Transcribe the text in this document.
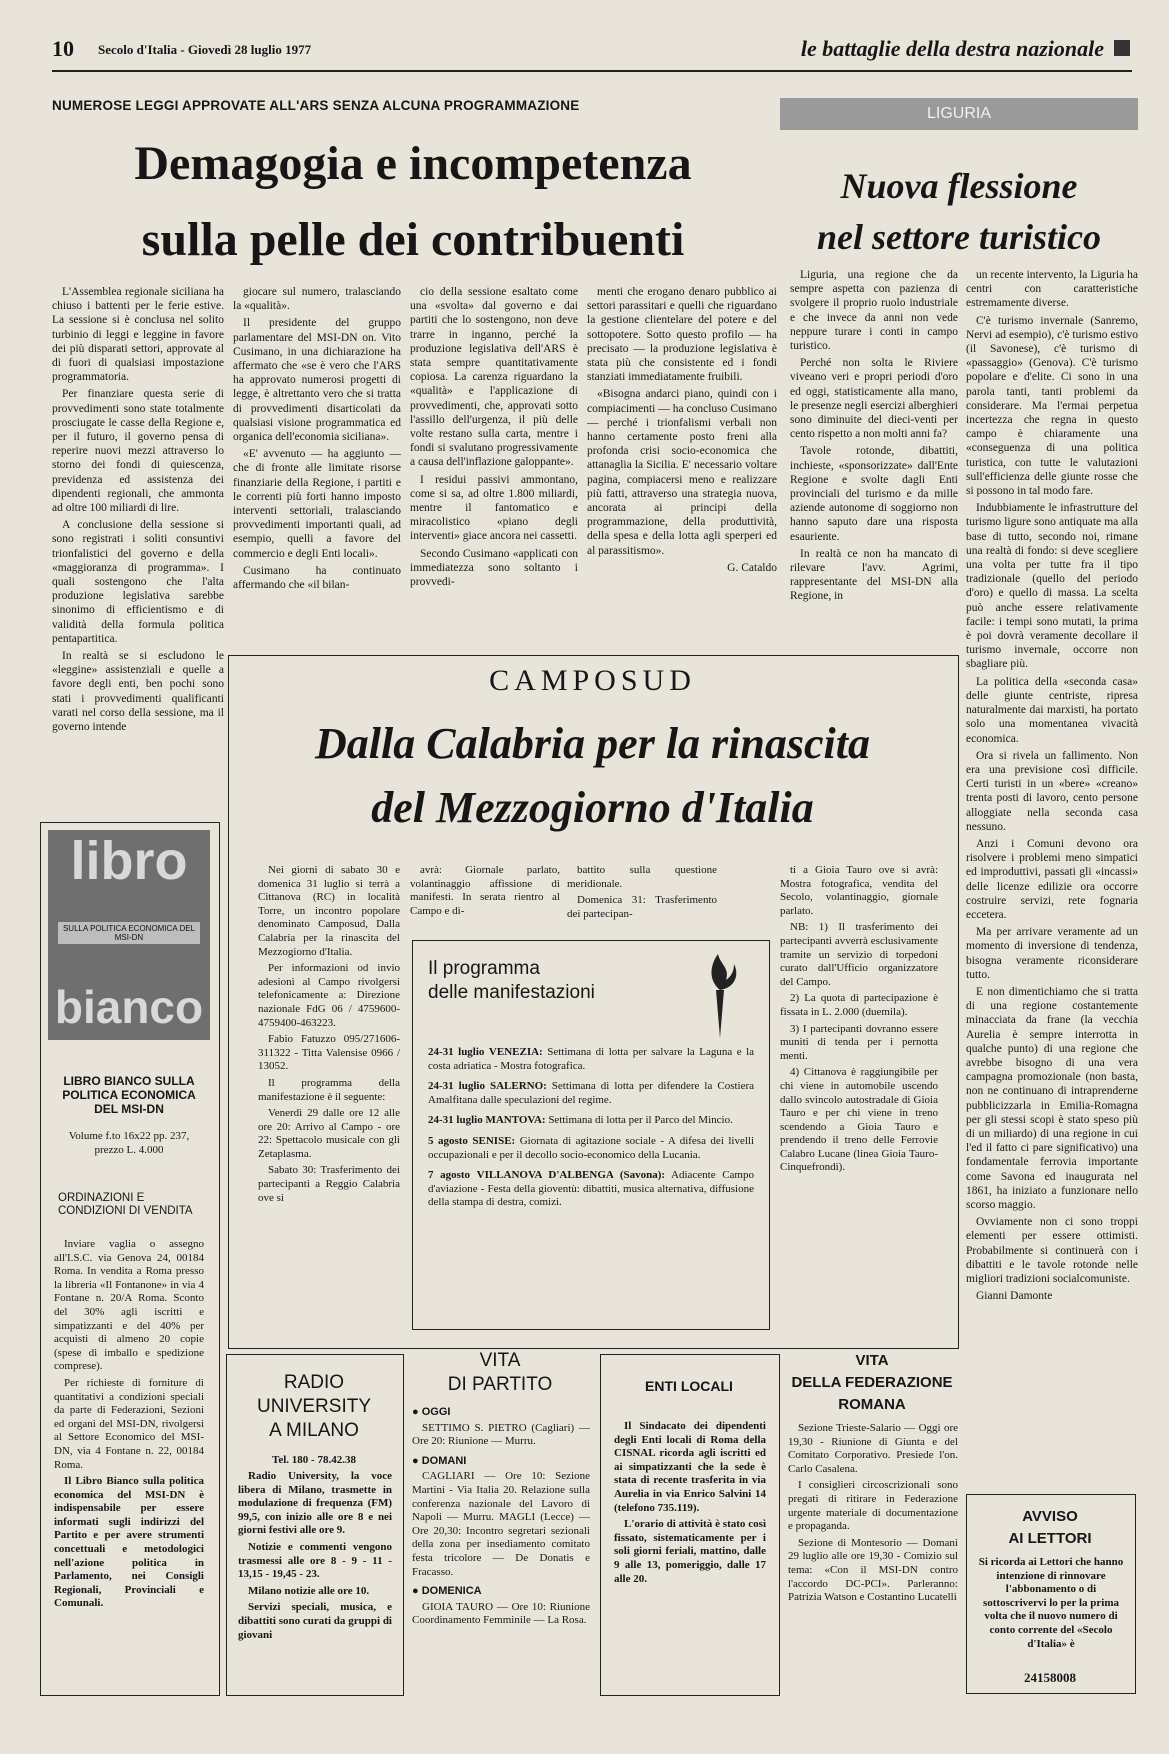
10 Secolo d'Italia - Giovedì 28 luglio 1977	le battaglie della destra nazionale
NUMEROSE LEGGI APPROVATE ALL'ARS SENZA ALCUNA PROGRAMMAZIONE
Demagogia e incompetenza
sulla pelle dei contribuenti

L'Assemblea regionale siciliana ha chiuso i battenti per le ferie estive. La sessione si è conclusa nel solito turbinio di leggi e leggine in favore dei più disparati settori, approvate al di fuori di qualsiasi impostazione programmatoria.

Per finanziare questa serie di provvedimenti sono state totalmente prosciugate le casse della Regione e, per il futuro, il governo pensa di reperire nuovi mezzi attraverso lo storno dei fondi di quiescenza, previdenza ed assistenza dei dipendenti regionali, che ammonta ad oltre 100 miliardi di lire.

A conclusione della sessione si sono registrati i soliti consuntivi trionfalistici del governo e della «maggioranza di programma». I quali sostengono che l'alta produzione legislativa sarebbe sinonimo di efficientismo e di validità della formula politica pentapartitica.

In realtà se si escludono le «leggine» assistenziali e quelle a favore degli enti, ben pochi sono stati i provvedimenti qualificanti varati nel corso della sessione, ma il governo intende

giocare sul numero, tralasciando la «qualità».

Il presidente del gruppo parlamentare del MSI-DN on. Vito Cusimano, in una dichiarazione ha affermato che «se è vero che l'ARS ha approvato numerosi progetti di legge, è altrettanto vero che si tratta di provvedimenti disarticolati da qualsiasi visione programmatica ed organica dell'economia siciliana».

«E' avvenuto — ha aggiunto — che di fronte alle limitate risorse finanziarie della Regione, i partiti e le correnti più forti hanno imposto interventi settoriali, tralasciando provvedimenti importanti quali, ad esempio, quelli a favore del commercio e degli Enti locali».

Cusimano ha continuato affermando che «il bilan-

cio della sessione esaltato come una «svolta» dal governo e dai partiti che lo sostengono, non deve trarre in inganno, perché la produzione legislativa dell'ARS è stata sempre quantitativamente copiosa. La carenza riguardano la «qualità» e l'applicazione di provvedimenti, che, approvati sotto l'assillo dell'urgenza, il più delle volte restano sulla carta, mentre i fondi si svalutano progressivamente a causa dell'inflazione galoppante».

I residui passivi ammontano, come si sa, ad oltre 1.800 miliardi, mentre il fantomatico e miracolistico «piano degli interventi» giace ancora nei cassetti.

Secondo Cusimano «applicati con immediatezza sono soltanto i provvedi-

menti che erogano denaro pubblico ai settori parassitari e quelli che riguardano la gestione clientelare del potere e del sottopotere. Sotto questo profilo — ha precisato — la produzione legislativa è stata più che consistente ed i fondi stanziati immediatamente fruibili.

«Bisogna andarci piano, quindi con i compiacimenti — ha concluso Cusimano — perché i trionfalismi verbali non hanno certamente posto freni alla profonda crisi socio-economica che attanaglia la Sicilia. E' necessario voltare pagina, compiacersi meno e realizzare più fatti, attraverso una strategia nuova, ancorata ai principi della programmazione, della produttività, della spesa e della lotta agli sperperi ed al parassitismo».

G. Cataldo

LIGURIA
Nuova flessione
nel settore turistico

Liguria, una regione che da sempre aspetta con pazienza di svolgere il proprio ruolo industriale e che invece da anni non vede neppure turare i conti in campo turistico.

Perché non solta le Riviere viveano veri e propri periodi d'oro ed oggi, statisticamente alla mano, le presenze negli esercizi alberghieri sono diminuite del dieci-venti per cento rispetto a non molti anni fa?

Tavole rotonde, dibattiti, inchieste, «sponsorizzate» dall'Ente Regione e svolte dagli Enti provinciali del turismo e da mille aziende autonome di soggiorno non hanno saputo dare una risposta esauriente.

In realtà ce non ha mancato di rilevare l'avv. Agrimi, rappresentante del MSI-DN alla Regione, in

un recente intervento, la Liguria ha centri con caratteristiche estremamente diverse.

C'è turismo invernale (Sanremo, Nervi ad esempio), c'è turismo estivo (il Savonese), c'è turismo di «passaggio» (Genova). C'è turismo popolare e d'elite. Ci sono in una parola tanti, tanti problemi da considerare. Ma l'ermai perpetua incertezza che regna in questo campo è chiaramente una «conseguenza di una politica turistica, con tutte le valutazioni sull'efficienza delle giunte rosse che si possono in tal modo fare.

Indubbiamente le infrastrutture del turismo ligure sono antiquate ma alla base di tutto, secondo noi, rimane una realtà di fondo: si deve scegliere una volta per tutte fra il tipo tradizionale (quello del periodo d'oro) e quello di massa. La scelta può anche essere relativamente facile: i tempi sono mutati, la prima è poi dovrà veramente decollare il turismo invernale, occorre non sbagliare più.

La politica della «seconda casa» delle giunte centriste, ripresa naturalmente dai marxisti, ha portato solo una momentanea vivacità economica.

Ora si rivela un fallimento. Non era una previsione così difficile. Certi turisti in un «bere» «creano» trenta posti di lavoro, cento persone alloggiate nella seconda casa nessuno.

Anzi i Comuni devono ora risolvere i problemi meno simpatici ed improduttivi, passati gli «incassi» delle licenze edilizie ora occorre costruire servizi, rete fognaria eccetera.

Ma per arrivare veramente ad un momento di inversione di tendenza, bisogna veramente riconsiderare tutto.

E non dimentichiamo che si tratta di una regione costantemente minacciata da frane (la vecchia Aurelia è sempre interrotta in qualche punto) di una regione che avrebbe bisogno di una vera campagna promozionale (non basta, non ne continuano di intraprenderne pubblicizzarla in Emilia-Romagna per gli stessi scopi è stato speso più di un miliardo) di una regione in cui l'ed il fatto ci pare significativo) una fondamentale ferrovia importante come Savona ed inaugurata nel 1861, ha iniziato a funzionare nello scorso maggio.

Ovviamente non ci sono troppi elementi per essere ottimisti. Probabilmente si continuerà con i dibattiti e le tavole rotonde nelle migliori tradizioni socialcomuniste.

Gianni Damonte

CAMPOSUD
Dalla Calabria per la rinascita
del Mezzogiorno d'Italia

Nei giorni di sabato 30 e domenica 31 luglio si terrà a Cittanova (RC) in località Torre, un incontro popolare denominato Camposud, Dalla Calabria per la rinascita del Mezzogiorno d'Italia.

Per informazioni od invio adesioni al Campo rivolgersi telefonicamente a: Direzione nazionale FdG 06 / 4759600-4759400-463223.

Fabio Fatuzzo 095/271606-311322 - Titta Valensise 0966 / 13052.

Il programma della manifestazione è il seguente:

Venerdì 29 dalle ore 12 alle ore 20: Arrivo al Campo - ore 22: Spettacolo musicale con gli Zetaplasma.

Sabato 30: Trasferimento dei partecipanti a Reggio Calabria ove si

avrà: Giornale parlato, volantinaggio affissione di manifesti. In serata rientro al Campo e di-

battito sulla questione meridionale.

Domenica 31: Trasferimento dei partecipan-

ti a Gioia Tauro ove si avrà: Mostra fotografica, vendita del Secolo, volantinaggio, giornale parlato.

NB: 1) Il trasferimento dei partecipanti avverrà esclusivamente tramite un servizio di torpedoni curato dall'Ufficio organizzatore del Campo.

2) La quota di partecipazione è fissata in L. 2.000 (duemila).

3) I partecipanti dovranno essere muniti di tenda per i pernotta menti.

4) Cittanova è raggiungibile per chi viene in automobile uscendo dallo svincolo autostradale di Gioia Tauro e per chi viene in treno scendendo a Gioia Tauro e prendendo il treno delle Ferrovie Calabro Lucane (linea Gioia Tauro-Cinquefrondi).

Il programma
delle manifestazioni

24-31 luglio VENEZIA: Settimana di lotta per salvare la Laguna e la costa adriatica - Mostra fotografica.

24-31 luglio SALERNO: Settimana di lotta per difendere la Costiera Amalfitana dalle speculazioni del regime.

24-31 luglio MANTOVA: Settimana di lotta per il Parco del Mincio.

5 agosto SENISE: Giornata di agitazione sociale - A difesa dei livelli occupazionali e per il decollo socio-economico della Lucania.

7 agosto VILLANOVA D'ALBENGA (Savona): Adiacente Campo d'aviazione - Festa della gioventù: dibattiti, musica alternativa, diffusione della stampa di destra, comizi.

libro
SULLA POLITICA ECONOMICA DEL MSI-DN
bianco
LIBRO BIANCO SULLA POLITICA ECONOMICA DEL MSI-DN
Volume f.to 16x22 pp. 237, prezzo L. 4.000
ORDINAZIONI E CONDIZIONI DI VENDITA

Inviare vaglia o assegno all'I.S.C. via Genova 24, 00184 Roma. In vendita a Roma presso la libreria «Il Fontanone» in via 4 Fontane n. 20/A Roma. Sconto del 30% agli iscritti e simpatizzanti e del 40% per acquisti di almeno 20 copie (spese di imballo e spedizione comprese).

Per richieste di forniture di quantitativi a condizioni speciali da parte di Federazioni, Sezioni ed organi del MSI-DN, rivolgersi al Settore Economico del MSI-DN, via 4 Fontane n. 22, 00184 Roma.

Il Libro Bianco sulla politica economica del MSI-DN è indispensabile per essere informati sugli indirizzi del Partito e per avere strumenti concettuali e metodologici nell'azione politica in Parlamento, nei Consigli Regionali, Provinciali e Comunali.

RADIO
UNIVERSITY
A MILANO
Tel. 180 - 78.42.38

Radio University, la voce libera di Milano, trasmette in modulazione di frequenza (FM) 99,5, con inizio alle ore 8 e nei giorni festivi alle ore 9.

Notizie e commenti vengono trasmessi alle ore 8 - 9 - 11 - 13,15 - 19,45 - 23.

Milano notizie alle ore 10.

Servizi speciali, musica, e dibattiti sono curati da gruppi di giovani

VITA
DI PARTITO
● OGGI

SETTIMO S. PIETRO (Cagliari) — Ore 20: Riunione — Murru.

● DOMANI

CAGLIARI — Ore 10: Sezione Martini - Via Italia 20. Relazione sulla conferenza nazionale del Lavoro di Napoli — Murru. MAGLI (Lecce) — Ore 20,30: Incontro segretari sezionali della zona per insediamento comitato festa tricolore — De Donatis e Fracasso.

● DOMENICA

GIOIA TAURO — Ore 10: Riunione Coordinamento Femminile — La Rosa.

ENTI LOCALI

Il Sindacato dei dipendenti degli Enti locali di Roma della CISNAL ricorda agli iscritti ed ai simpatizzanti che la sede è stata di recente trasferita in via Aurelia in via Enrico Salvini 14 (telefono 735.119).

L'orario di attività è stato così fissato, sistematicamente per i soli giorni feriali, mattino, dalle 9 alle 13, pomeriggio, dalle 17 alle 20.

VITA
DELLA FEDERAZIONE
ROMANA

Sezione Trieste-Salario — Oggi ore 19,30 - Riunione di Giunta e del Comitato Corporativo. Presiede l'on. Carlo Casalena.

I consiglieri circoscrizionali sono pregati di ritirare in Federazione urgente materiale di documentazione e propaganda.

Sezione di Montesorio — Domani 29 luglio alle ore 19,30 - Comizio sul tema: «Con il MSI-DN contro l'accordo DC-PCI». Parleranno: Patrizia Watson e Costantino Lucatelli

AVVISO
AI LETTORI
Si ricorda ai Lettori che hanno intenzione di rinnovare l'abbonamento o di sottoscrivervi lo per la prima volta che il nuovo numero di conto corrente del «Secolo d'Italia» è
24158008
